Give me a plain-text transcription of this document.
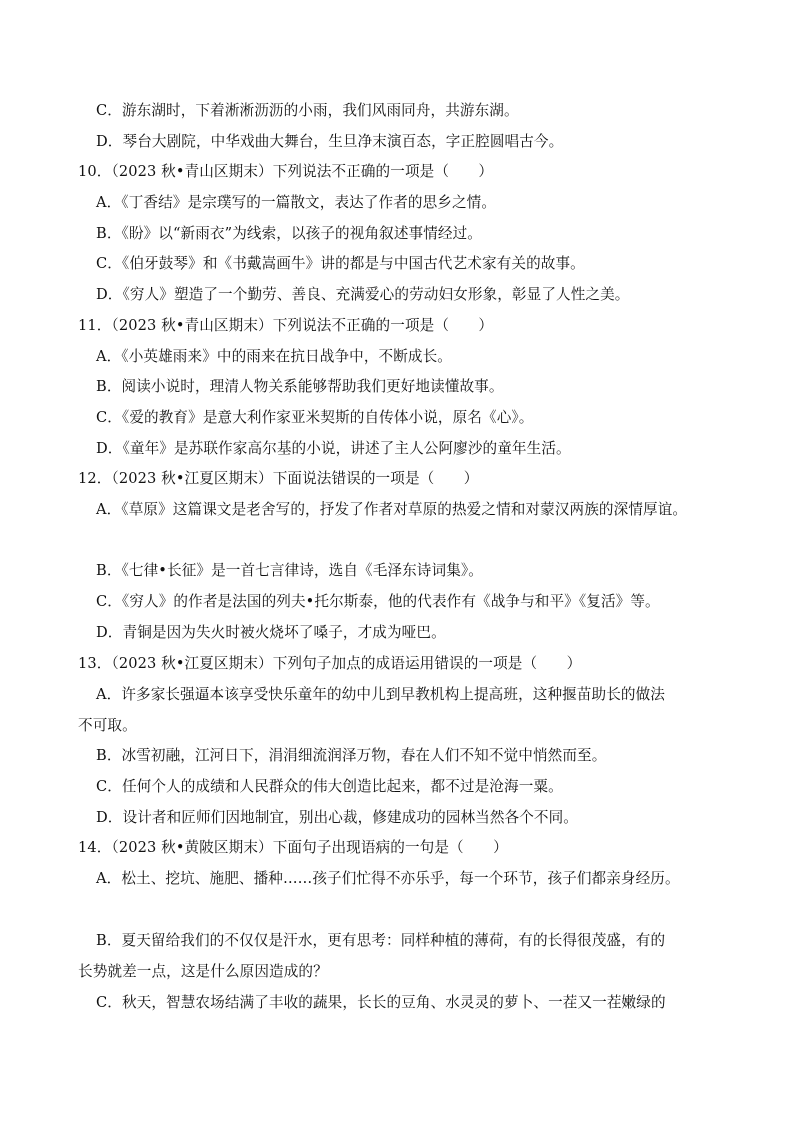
C．游东湖时，下着淅淅沥沥的小雨，我们风雨同舟，共游东湖。
D．琴台大剧院，中华戏曲大舞台，生旦净末演百态，字正腔圆唱古今。
10．（2023 秋•青山区期末）下列说法不正确的一项是（　　）
A．《丁香结》是宗璞写的一篇散文，表达了作者的思乡之情。
B．《盼》以“新雨衣”为线索，以孩子的视角叙述事情经过。
C．《伯牙鼓琴》和《书戴嵩画牛》讲的都是与中国古代艺术家有关的故事。
D．《穷人》塑造了一个勤劳、善良、充满爱心的劳动妇女形象，彰显了人性之美。
11．（2023 秋•青山区期末）下列说法不正确的一项是（　　）
A．《小英雄雨来》中的雨来在抗日战争中，不断成长。
B．阅读小说时，理清人物关系能够帮助我们更好地读懂故事。
C．《爱的教育》是意大利作家亚米契斯的自传体小说，原名《心》。
D．《童年》是苏联作家高尔基的小说，讲述了主人公阿廖沙的童年生活。
12．（2023 秋•江夏区期末）下面说法错误的一项是（　　）
A．《草原》这篇课文是老舍写的，抒发了作者对草原的热爱之情和对蒙汉两族的深情厚谊。
B．《七律•长征》是一首七言律诗，选自《毛泽东诗词集》。
C．《穷人》的作者是法国的列夫•托尔斯泰，他的代表作有《战争与和平》《复活》等。
D．青铜是因为失火时被火烧坏了嗓子，才成为哑巴。
13．（2023 秋•江夏区期末）下列句子加点的成语运用错误的一项是（　　）
A．许多家长强逼本该享受快乐童年的幼中儿到早教机构上提高班，这种揠苗助长的做法
不可取。
B．冰雪初融，江河日下，涓涓细流润泽万物，春在人们不知不觉中悄然而至。
C．任何个人的成绩和人民群众的伟大创造比起来，都不过是沧海一粟。
D．设计者和匠师们因地制宜，别出心裁，修建成功的园林当然各个不同。
14．（2023 秋•黄陂区期末）下面句子出现语病的一句是（　　）
A．松土、挖坑、施肥、播种……孩子们忙得不亦乐乎，每一个环节，孩子们都亲身经历。
B．夏天留给我们的不仅仅是汗水，更有思考：同样种植的薄荷，有的长得很茂盛，有的
长势就差一点，这是什么原因造成的？
C．秋天，智慧农场结满了丰收的蔬果，长长的豆角、水灵灵的萝卜、一茬又一茬嫩绿的
